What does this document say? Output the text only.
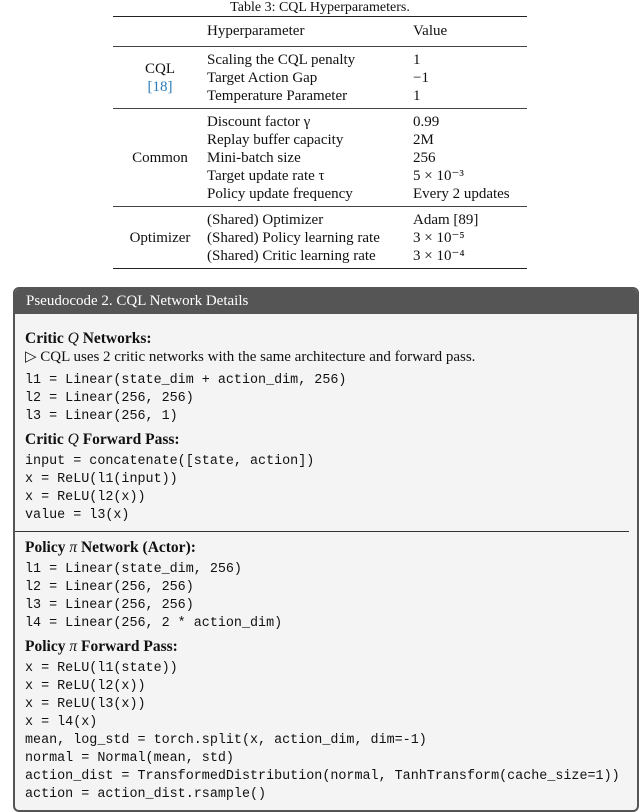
Table 3: CQL Hyperparameters.
Hyperparameter	Value
CQL
[18]
Scaling the CQL penalty	1
Target Action Gap	−1
Temperature Parameter	1
Common
Discount factor γ	0.99
Replay buffer capacity	2M
Mini-batch size	256
Target update rate τ	5 × 10⁻³
Policy update frequency	Every 2 updates
Optimizer
(Shared) Optimizer	Adam [89]
(Shared) Policy learning rate	3 × 10⁻⁵
(Shared) Critic learning rate	3 × 10⁻⁴
Pseudocode 2. CQL Network Details
Critic Q Networks:
▷ CQL uses 2 critic networks with the same architecture and forward pass.
l1 = Linear(state_dim + action_dim, 256)
l2 = Linear(256, 256)
l3 = Linear(256, 1)
Critic Q Forward Pass:
input = concatenate([state, action])
x = ReLU(l1(input))
x = ReLU(l2(x))
value = l3(x)
Policy π Network (Actor):
l1 = Linear(state_dim, 256)
l2 = Linear(256, 256)
l3 = Linear(256, 256)
l4 = Linear(256, 2 * action_dim)
Policy π Forward Pass:
x = ReLU(l1(state))
x = ReLU(l2(x))
x = ReLU(l3(x))
x = l4(x)
mean, log_std = torch.split(x, action_dim, dim=-1)
normal = Normal(mean, std)
action_dist = TransformedDistribution(normal, TanhTransform(cache_size=1))
action = action_dist.rsample()
